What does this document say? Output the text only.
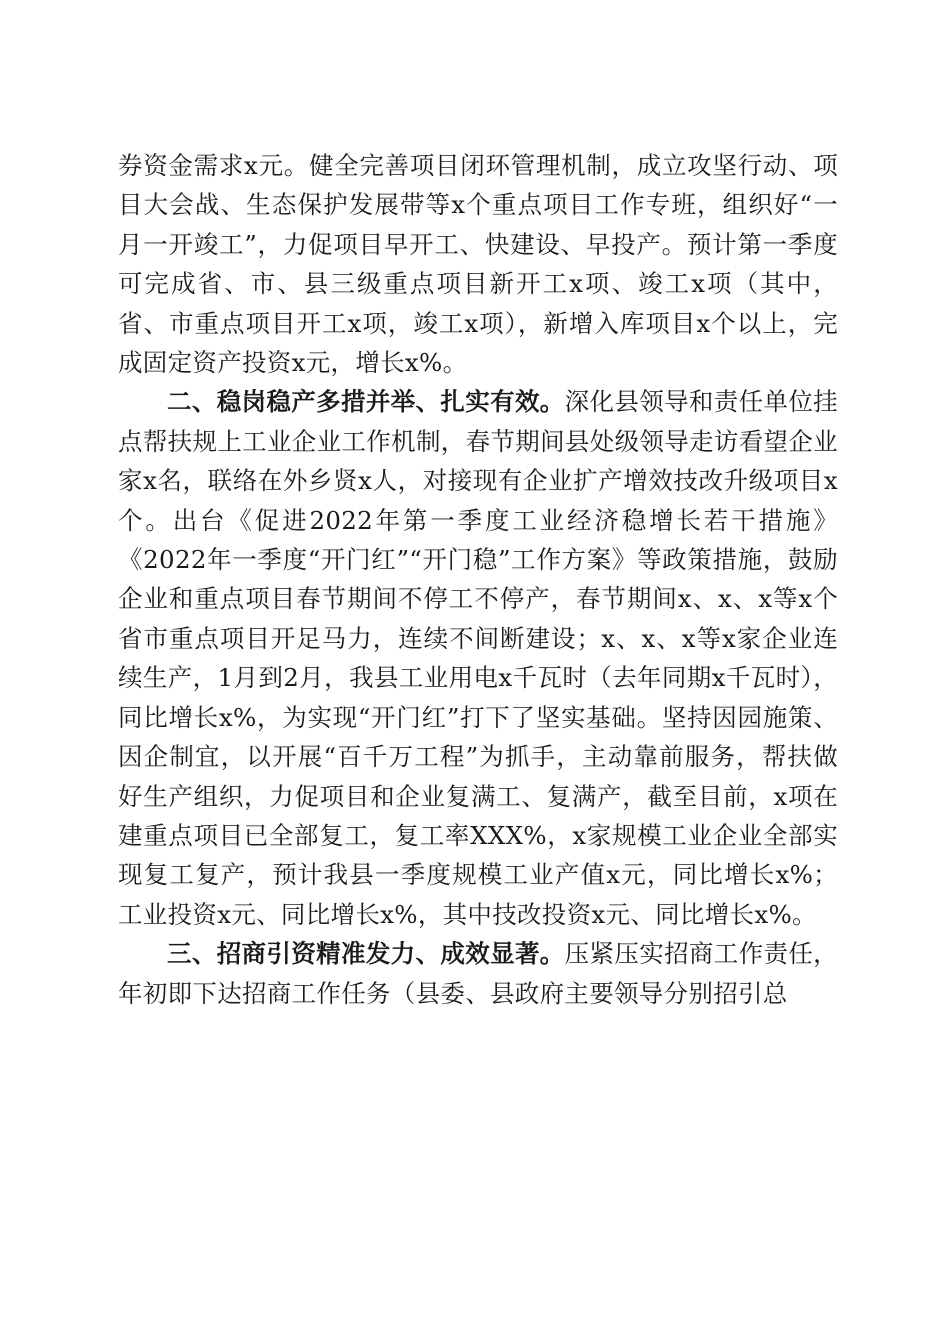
券资金需求x元。健全完善项目闭环管理机制，成立攻坚行动、项目大会战、生态保护发展带等x个重点项目工作专班，组织好“一月一开竣工”，力促项目早开工、快建设、早投产。预计第一季度可完成省、市、县三级重点项目新开工x项、竣工x项（其中，省、市重点项目开工x项，竣工x项），新增入库项目x个以上，完成固定资产投资x元，增长x%。

二、稳岗稳产多措并举、扎实有效。深化县领导和责任单位挂点帮扶规上工业企业工作机制，春节期间县处级领导走访看望企业家x名，联络在外乡贤x人，对接现有企业扩产增效技改升级项目x个。出台《促进2022年第一季度工业经济稳增长若干措施》《2022年一季度“开门红”“开门稳”工作方案》等政策措施，鼓励企业和重点项目春节期间不停工不停产，春节期间x、x、x等x个省市重点项目开足马力，连续不间断建设；x、x、x等x家企业连续生产，1月到2月，我县工业用电x千瓦时（去年同期x千瓦时），同比增长x%，为实现“开门红”打下了坚实基础。坚持因园施策、因企制宜，以开展“百千万工程”为抓手，主动靠前服务，帮扶做好生产组织，力促项目和企业复满工、复满产，截至目前，x项在建重点项目已全部复工，复工率XXX%，x家规模工业企业全部实现复工复产，预计我县一季度规模工业产值x元，同比增长x%；工业投资x元、同比增长x%，其中技改投资x元、同比增长x%。

三、招商引资精准发力、成效显著。压紧压实招商工作责任，年初即下达招商工作任务（县委、县政府主要领导分别招引总
